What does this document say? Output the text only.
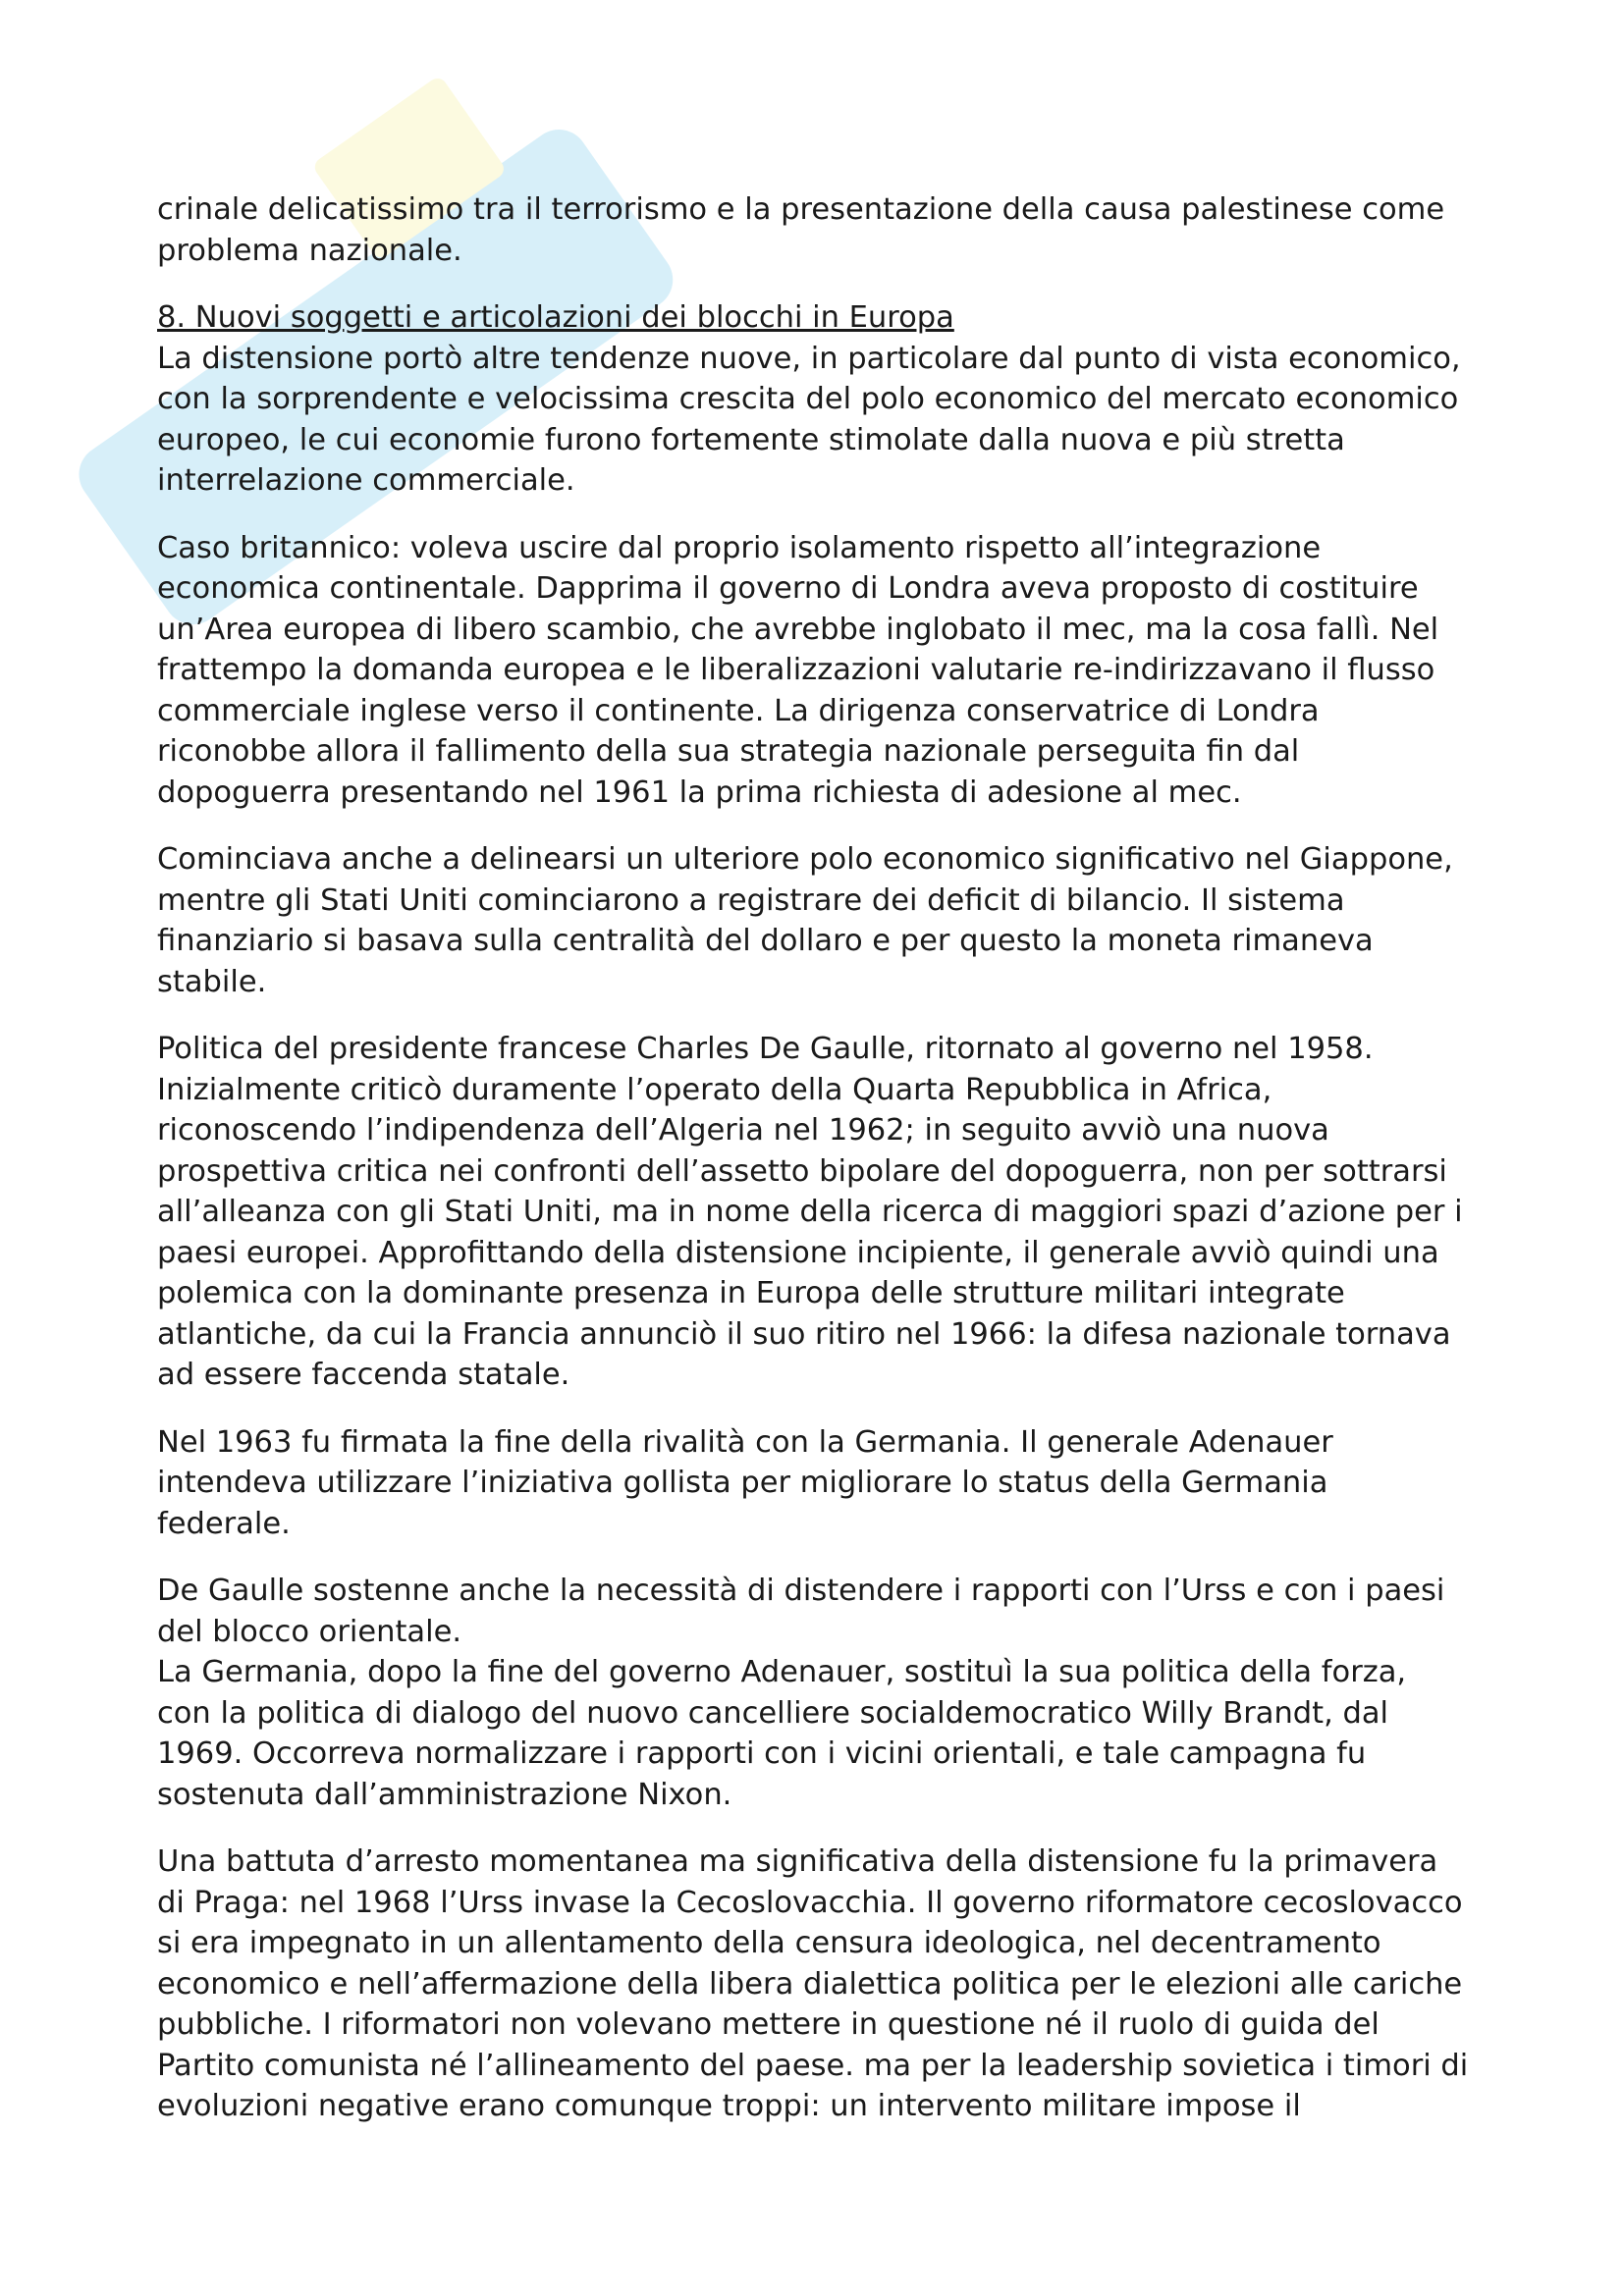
crinale delicatissimo tra il terrorismo e la presentazione della causa palestinese come
problema nazionale.

8. Nuovi soggetti e articolazioni dei blocchi in Europa
La distensione portò altre tendenze nuove, in particolare dal punto di vista economico,
con la sorprendente e velocissima crescita del polo economico del mercato economico
europeo, le cui economie furono fortemente stimolate dalla nuova e più stretta
interrelazione commerciale.

Caso britannico: voleva uscire dal proprio isolamento rispetto all’integrazione
economica continentale. Dapprima il governo di Londra aveva proposto di costituire
un’Area europea di libero scambio, che avrebbe inglobato il mec, ma la cosa fallì. Nel
frattempo la domanda europea e le liberalizzazioni valutarie re-indirizzavano il flusso
commerciale inglese verso il continente. La dirigenza conservatrice di Londra
riconobbe allora il fallimento della sua strategia nazionale perseguita fin dal
dopoguerra presentando nel 1961 la prima richiesta di adesione al mec.

Cominciava anche a delinearsi un ulteriore polo economico significativo nel Giappone,
mentre gli Stati Uniti cominciarono a registrare dei deficit di bilancio. Il sistema
finanziario si basava sulla centralità del dollaro e per questo la moneta rimaneva
stabile.

Politica del presidente francese Charles De Gaulle, ritornato al governo nel 1958.
Inizialmente criticò duramente l’operato della Quarta Repubblica in Africa,
riconoscendo l’indipendenza dell’Algeria nel 1962; in seguito avviò una nuova
prospettiva critica nei confronti dell’assetto bipolare del dopoguerra, non per sottrarsi
all’alleanza con gli Stati Uniti, ma in nome della ricerca di maggiori spazi d’azione per i
paesi europei. Approfittando della distensione incipiente, il generale avviò quindi una
polemica con la dominante presenza in Europa delle strutture militari integrate
atlantiche, da cui la Francia annunciò il suo ritiro nel 1966: la difesa nazionale tornava
ad essere faccenda statale.

Nel 1963 fu firmata la fine della rivalità con la Germania. Il generale Adenauer
intendeva utilizzare l’iniziativa gollista per migliorare lo status della Germania
federale.

De Gaulle sostenne anche la necessità di distendere i rapporti con l’Urss e con i paesi
del blocco orientale.
La Germania, dopo la fine del governo Adenauer, sostituì la sua politica della forza,
con la politica di dialogo del nuovo cancelliere socialdemocratico Willy Brandt, dal
1969. Occorreva normalizzare i rapporti con i vicini orientali, e tale campagna fu
sostenuta dall’amministrazione Nixon.

Una battuta d’arresto momentanea ma significativa della distensione fu la primavera
di Praga: nel 1968 l’Urss invase la Cecoslovacchia. Il governo riformatore cecoslovacco
si era impegnato in un allentamento della censura ideologica, nel decentramento
economico e nell’affermazione della libera dialettica politica per le elezioni alle cariche
pubbliche. I riformatori non volevano mettere in questione né il ruolo di guida del
Partito comunista né l’allineamento del paese. ma per la leadership sovietica i timori di
evoluzioni negative erano comunque troppi: un intervento militare impose il
